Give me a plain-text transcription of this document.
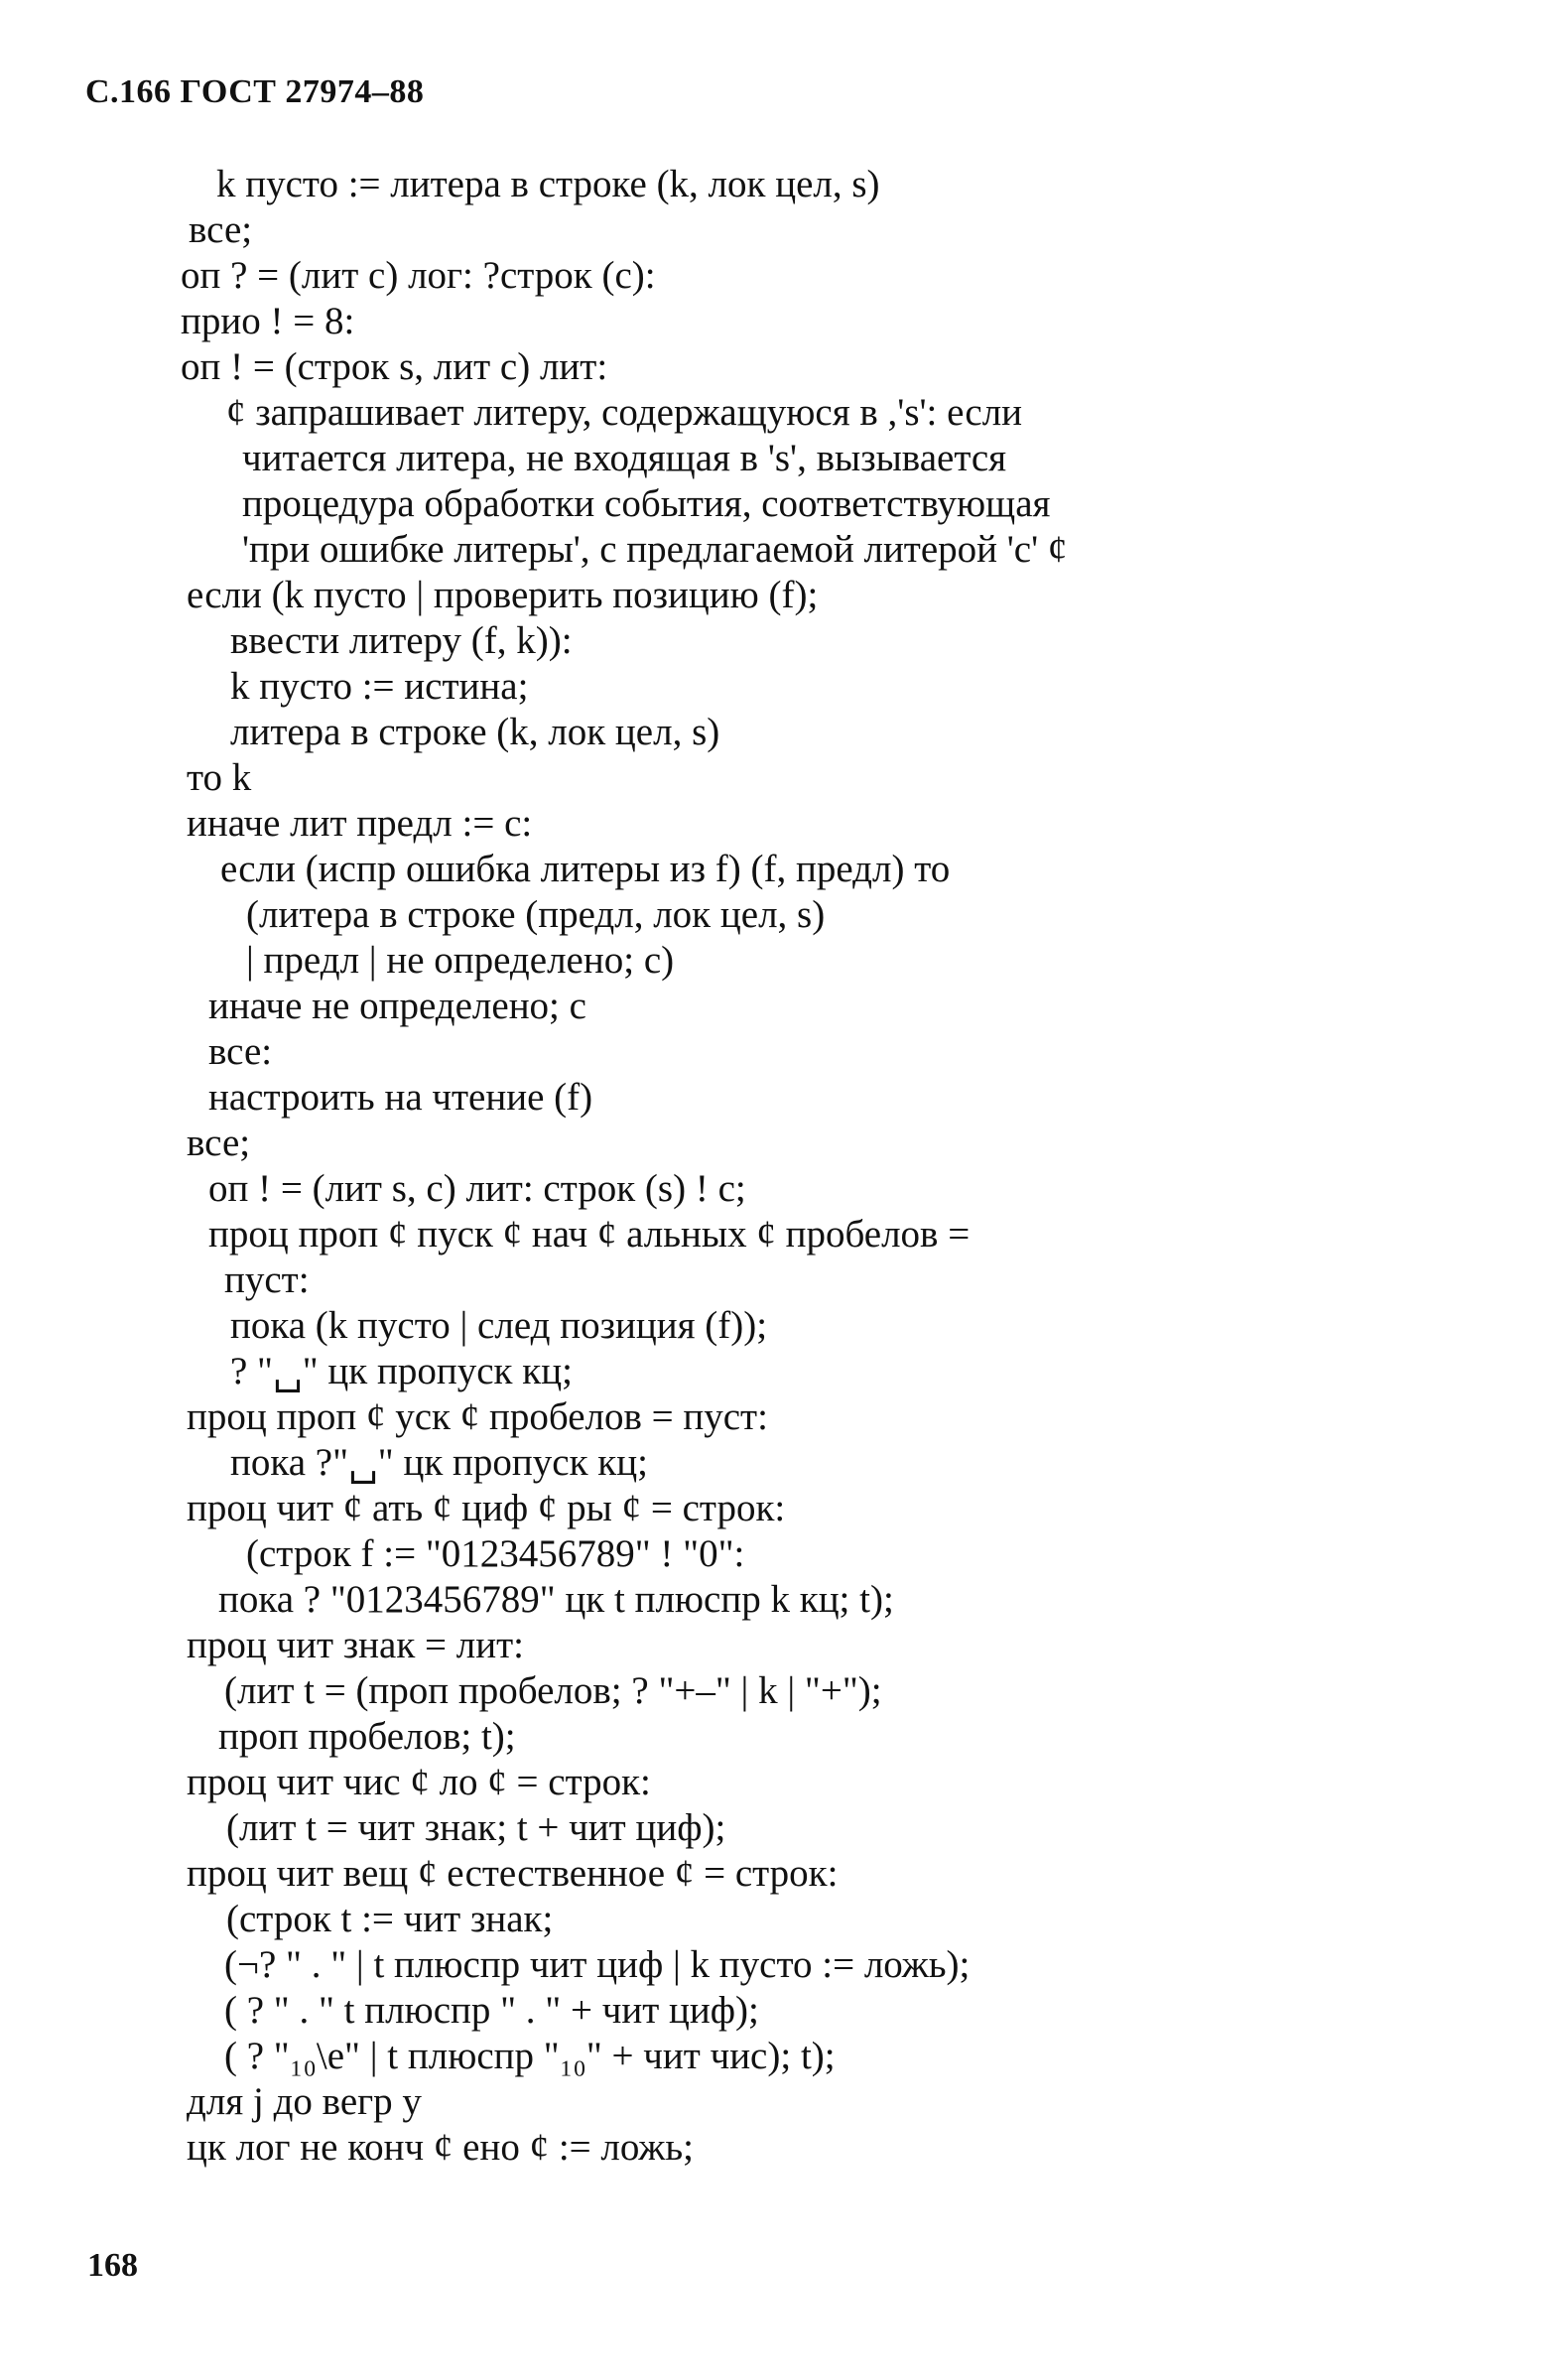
С.166 ГОСТ 27974–88
k пусто := литера в строке (k, лок цел, s)
все;
оп ? = (лит с) лог: ?строк (с):
прио ! = 8:
оп ! = (строк s, лит с) лит:
¢ запрашивает литеру, содержащуюся в ,'s': если
читается литера, не входящая в 's', вызывается
процедура обработки события, соответствующая
'при ошибке литеры', с предлагаемой литерой 'с' ¢
если (k пусто | проверить позицию (f);
ввести литеру (f, k)):
k пусто := истина;
литера в строке (k, лок цел, s)
то k
иначе лит предл := с:
если (испр ошибка литеры из f) (f, предл) то
(литера в строке (предл, лок цел, s)
| предл | не определено; с)
иначе не определено; с
все:
настроить на чтение (f)
все;
оп ! = (лит s, с) лит: строк (s) ! с;
проц проп ¢ пуск ¢ нач ¢ альных ¢ пробелов =
пуст:
пока (k пусто | след позиция (f));
? "␣" цк пропуск кц;
проц проп ¢ уск ¢ пробелов = пуст:
пока ?"␣" цк пропуск кц;
проц чит ¢ ать ¢ циф ¢ ры ¢ = строк:
(строк f := "0123456789" ! "0":
пока ? "0123456789" цк t плюспр k кц; t);
проц чит знак = лит:
(лит t = (проп пробелов; ? "+–" | k | "+");
проп пробелов; t);
проц чит чис ¢ ло ¢ = строк:
(лит t = чит знак; t + чит циф);
проц чит вещ ¢ естественное ¢ = строк:
(строк t := чит знак;
(¬? " . " | t плюспр чит циф | k пусто := ложь);
( ? " . " t плюспр " . " + чит циф);
( ? "₁₀\e" | t плюспр "₁₀" + чит чис); t);
для j до вегр у
цк лог не конч ¢ ено ¢ := ложь;
168
